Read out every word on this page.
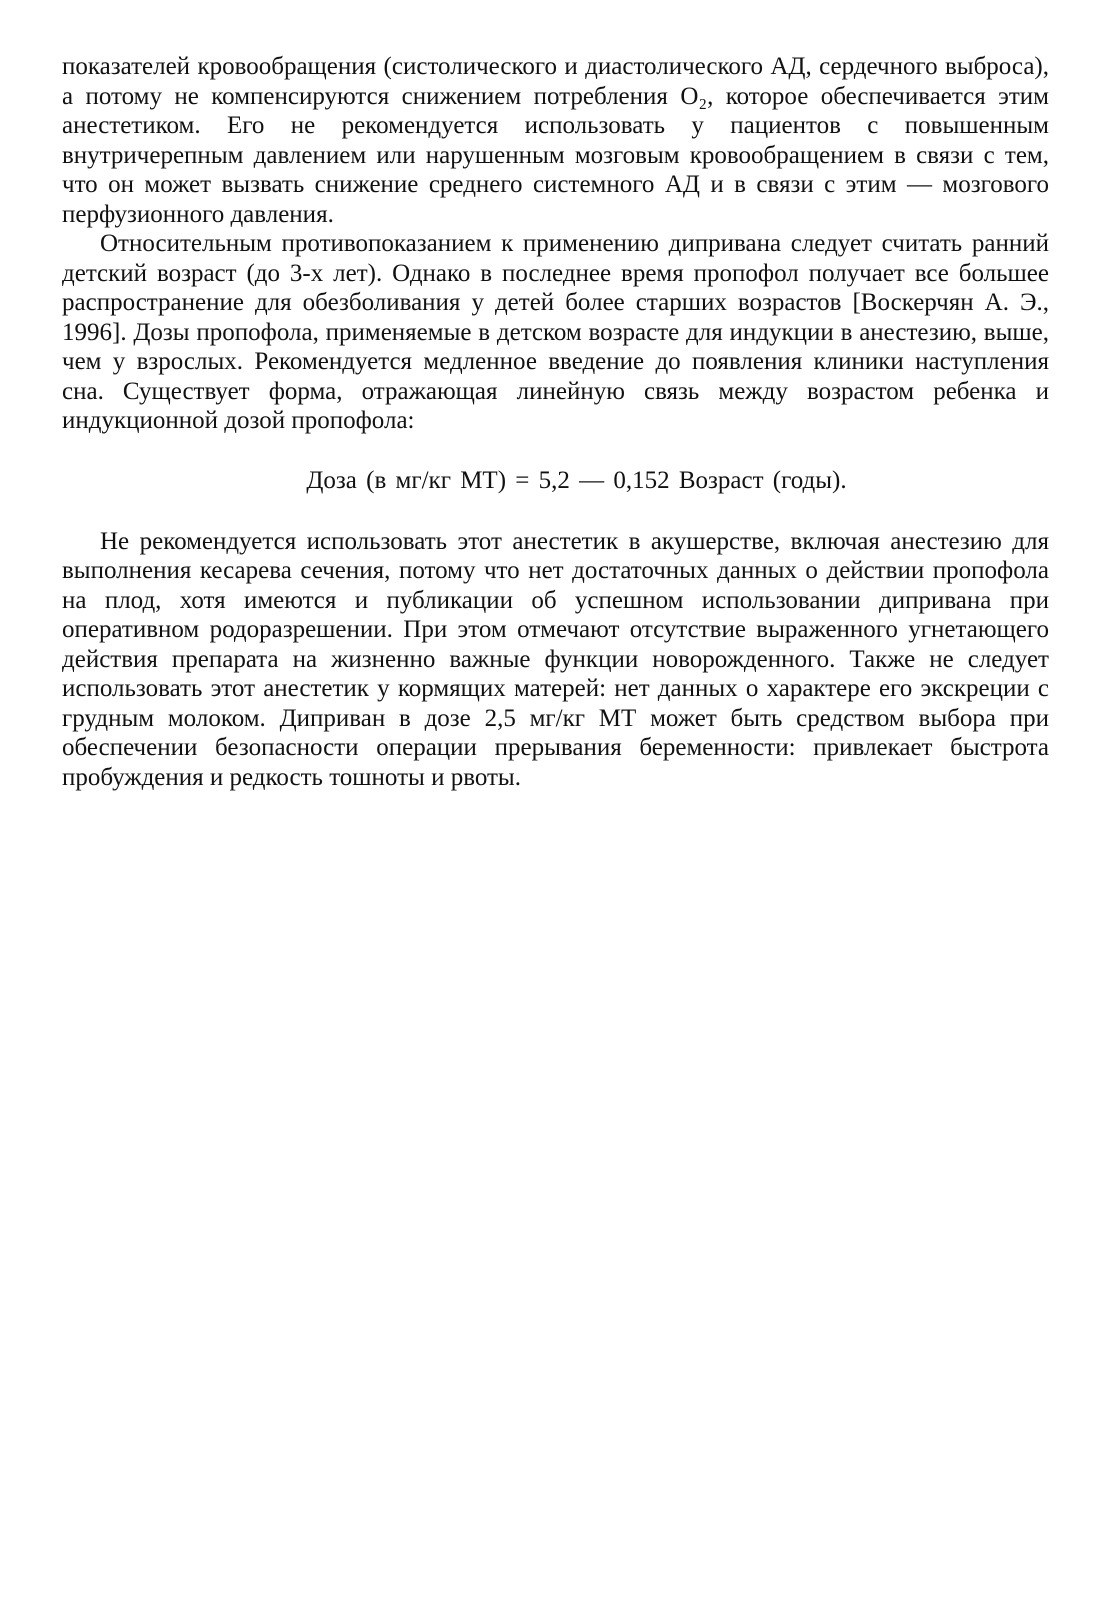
показателей кровообращения (систолического и диастолического АД, сердечного выброса), а потому не компенсируются снижением потребления О₂, которое обеспечивается этим анестетиком. Его не рекомендуется использовать у пациентов с повышенным внутричерепным давлением или нарушенным мозговым кровообращением в связи с тем, что он может вызвать снижение среднего системного АД и в связи с этим — мозгового перфузионного давления.

Относительным противопоказанием к применению дипривана следует считать ранний детский возраст (до 3-х лет). Однако в последнее время пропофол получает все большее распространение для обезболивания у детей более старших возрастов [Воскерчян А. Э., 1996]. Дозы пропофола, применяемые в детском возрасте для индукции в анестезию, выше, чем у взрослых. Рекомендуется медленное введение до появления клиники наступления сна. Существует форма, отражающая линейную связь между возрастом ребенка и индукционной дозой пропофола:

Доза (в мг/кг МТ) = 5,2 — 0,152 Возраст (годы).

Не рекомендуется использовать этот анестетик в акушерстве, включая анестезию для выполнения кесарева сечения, потому что нет достаточных данных о действии пропофола на плод, хотя имеются и публикации об успешном использовании дипривана при оперативном родоразрешении. При этом отмечают отсутствие выраженного угнетающего действия препарата на жизненно важные функции новорожденного. Также не следует использовать этот анестетик у кормящих матерей: нет данных о характере его экскреции с грудным молоком. Диприван в дозе 2,5 мг/кг МТ может быть средством выбора при обеспечении безопасности операции прерывания беременности: привлекает быстрота пробуждения и редкость тошноты и рвоты.
